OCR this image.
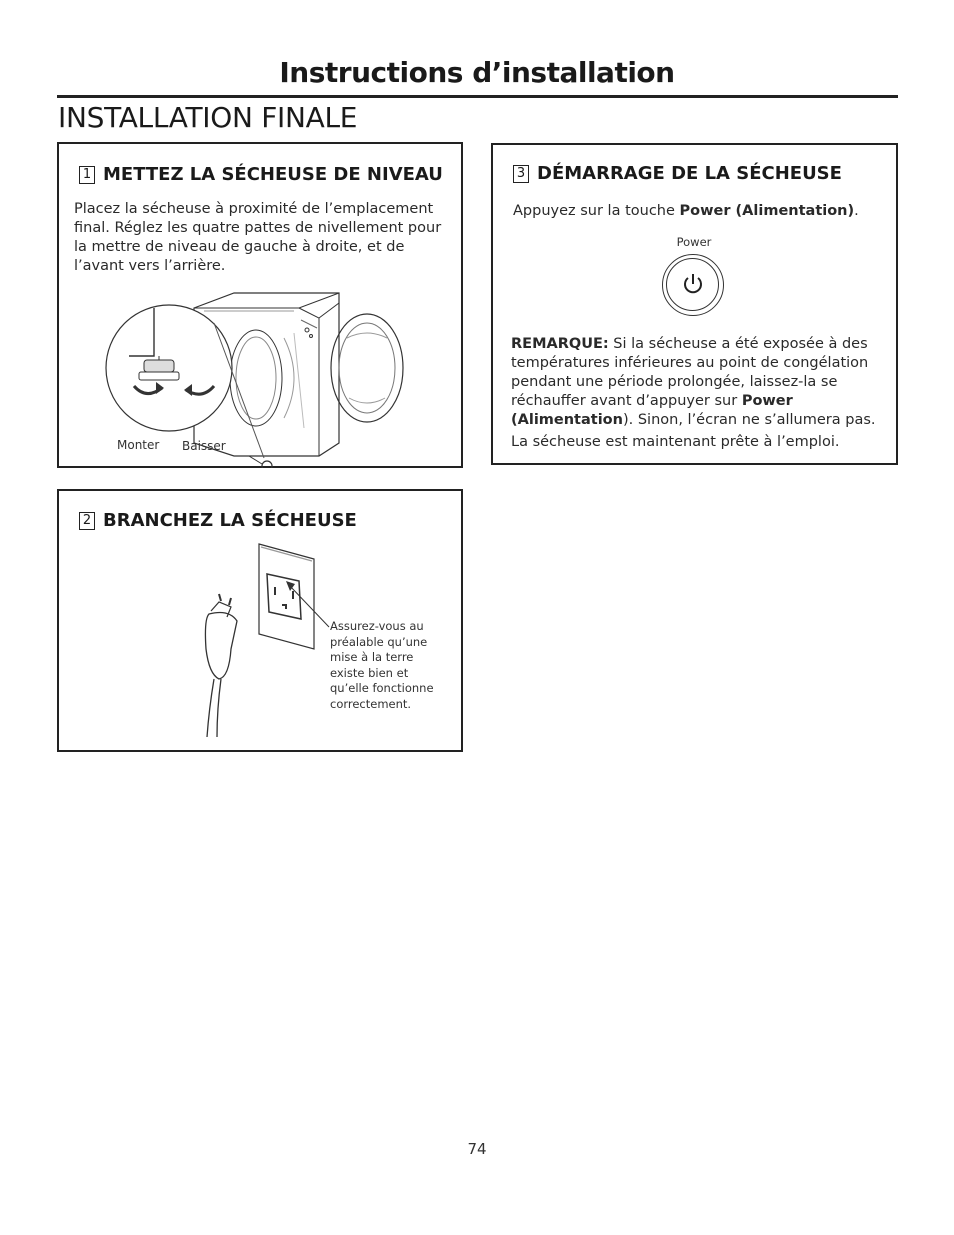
Instructions d’installation
INSTALLATION FINALE
1 METTEZ LA SÉCHEUSE DE NIVEAU
Placez la sécheuse à proximité de l’emplacement final. Réglez les quatre pattes de nivellement pour la mettre de niveau de gauche à droite, et de l’avant vers l’arrière.
Monter Baisser
3 DÉMARRAGE DE LA SÉCHEUSE
Appuyez sur la touche Power (Alimentation).
Power
REMARQUE: Si la sécheuse a été exposée à des températures inférieures au point de congélation pendant une période prolongée, laissez-la se réchauffer avant d’appuyer sur Power (Alimentation). Sinon, l’écran ne s’allumera pas.
La sécheuse est maintenant prête à l’emploi.
2 BRANCHEZ LA SÉCHEUSE
Assurez-vous au
préalable qu’une
mise à la terre
existe bien et
qu’elle fonctionne
correctement.
74
